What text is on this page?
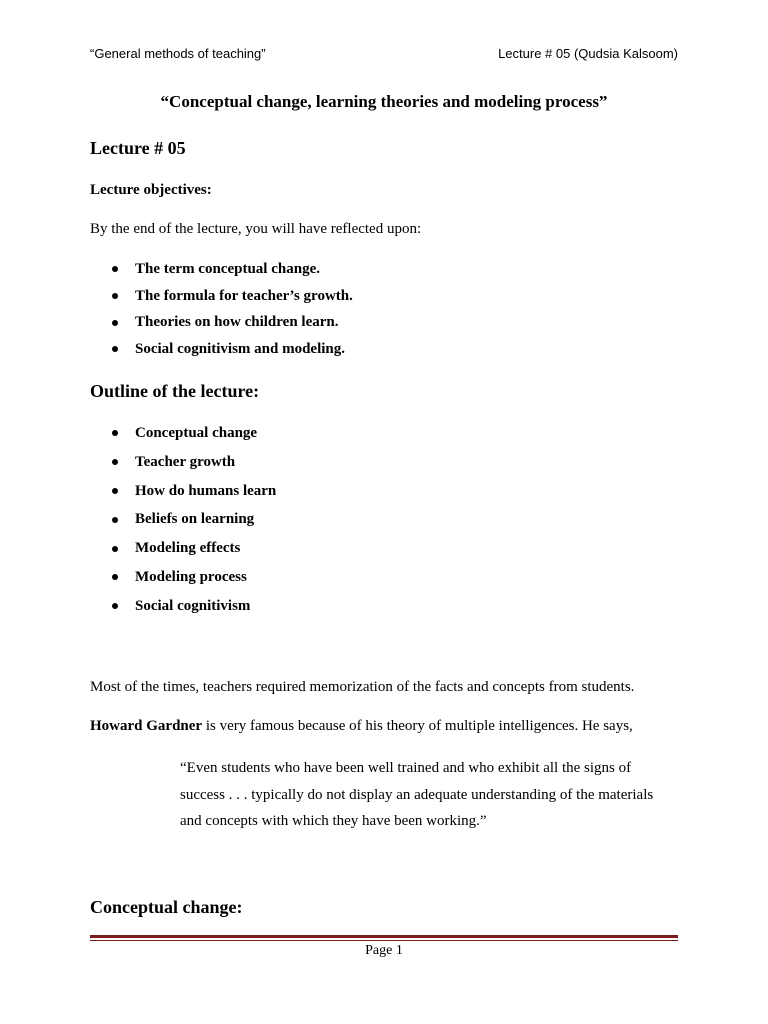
“General methods of teaching”	Lecture # 05 (Qudsia Kalsoom)
“Conceptual change, learning theories and modeling process”
Lecture # 05
Lecture objectives:
By the end of the lecture, you will have reflected upon:
The term conceptual change.
The formula for teacher’s growth.
Theories on how children learn.
Social cognitivism and modeling.
Outline of the lecture:
Conceptual change
Teacher growth
How do humans learn
Beliefs on learning
Modeling effects
Modeling process
Social cognitivism
Most of the times, teachers required memorization of the facts and concepts from students.
Howard Gardner is very famous because of his theory of multiple intelligences. He says,
“Even students who have been well trained and who exhibit all the signs of success . . . typically do not display an adequate understanding of the materials and concepts with which they have been working.”
Conceptual change:
Page 1
